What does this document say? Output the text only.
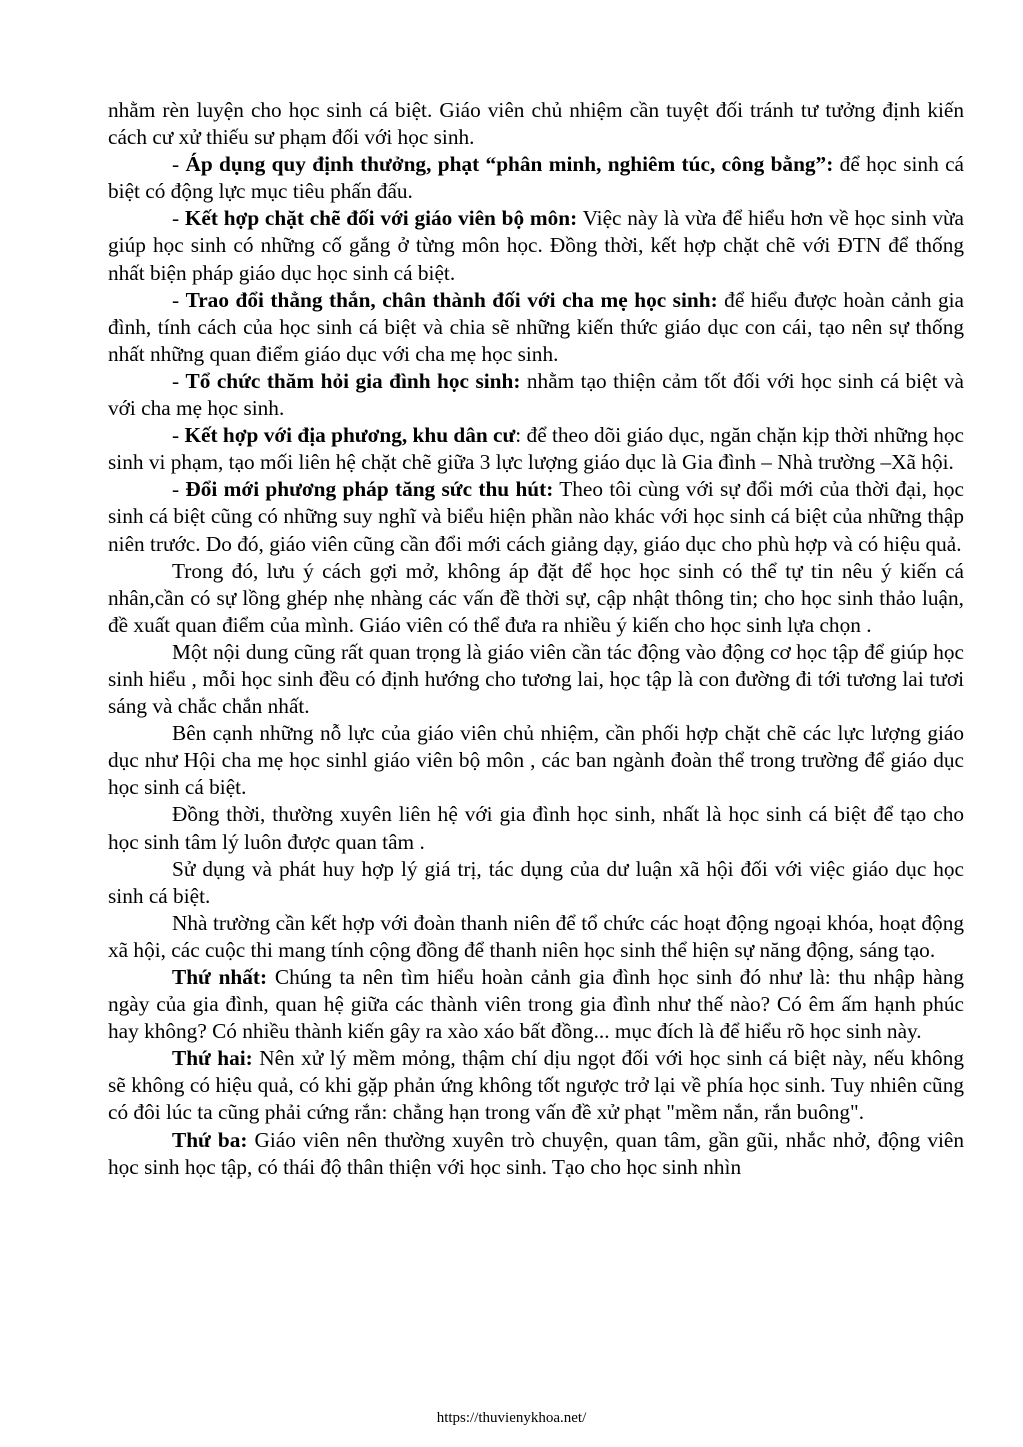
nhằm rèn luyện cho học sinh cá biệt. Giáo viên chủ nhiệm cần tuyệt đối tránh tư tưởng định kiến cách cư xử thiếu sư phạm đối với học sinh.

- Áp dụng quy định thưởng, phạt “phân minh, nghiêm túc, công bằng”: để học sinh cá biệt có động lực mục tiêu phấn đấu.

- Kết hợp chặt chẽ đối với giáo viên bộ môn: Việc này là vừa để hiểu hơn về học sinh vừa giúp học sinh có những cố gắng ở từng môn học. Đồng thời, kết hợp chặt chẽ với ĐTN để thống nhất biện pháp giáo dục học sinh cá biệt.

- Trao đổi thẳng thắn, chân thành đối với cha mẹ học sinh: để hiểu được hoàn cảnh gia đình, tính cách của học sinh cá biệt và chia sẽ những kiến thức giáo dục con cái, tạo nên sự thống nhất những quan điểm giáo dục với cha mẹ học sinh.

- Tổ chức thăm hỏi gia đình học sinh: nhằm tạo thiện cảm tốt đối với học sinh cá biệt và với cha mẹ học sinh.

- Kết hợp với địa phương, khu dân cư: để theo dõi giáo dục, ngăn chặn kịp thời những học sinh vi phạm, tạo mối liên hệ chặt chẽ giữa 3 lực lượng giáo dục là Gia đình – Nhà trường –Xã hội.

- Đổi mới phương pháp tăng sức thu hút: Theo tôi cùng với sự đổi mới của thời đại, học sinh cá biệt cũng có những suy nghĩ và biểu hiện phần nào khác với học sinh cá biệt của những thập niên trước. Do đó, giáo viên cũng cần đổi mới cách giảng dạy, giáo dục cho phù hợp và có hiệu quả.

Trong đó, lưu ý cách gợi mở, không áp đặt để học học sinh có thể tự tin nêu ý kiến cá nhân,cần có sự lồng ghép nhẹ nhàng các vấn đề thời sự, cập nhật thông tin; cho học sinh thảo luận, đề xuất quan điểm của mình. Giáo viên có thể đưa ra nhiều ý kiến cho học sinh lựa chọn .

Một nội dung cũng rất quan trọng là giáo viên cần tác động vào động cơ học tập để giúp học sinh hiểu , mỗi học sinh đều có định hướng cho tương lai, học tập là con đường đi tới tương lai tươi sáng và chắc chắn nhất.

Bên cạnh những nỗ lực của giáo viên chủ nhiệm, cần phối hợp chặt chẽ các lực lượng giáo dục như Hội cha mẹ học sinhl giáo viên bộ môn , các ban ngành đoàn thể trong trường để giáo dục học sinh cá biệt.

Đồng thời, thường xuyên liên hệ với gia đình học sinh, nhất là học sinh cá biệt để tạo cho học sinh tâm lý luôn được quan tâm .

Sử dụng và phát huy hợp lý giá trị, tác dụng của dư luận xã hội đối với việc giáo dục học sinh cá biệt.

Nhà trường cần kết hợp với đoàn thanh niên để tổ chức các hoạt động ngoại khóa, hoạt động xã hội, các cuộc thi mang tính cộng đồng để thanh niên học sinh thể hiện sự năng động, sáng tạo.

Thứ nhất: Chúng ta nên tìm hiểu hoàn cảnh gia đình học sinh đó như là: thu nhập hàng ngày của gia đình, quan hệ giữa các thành viên trong gia đình như thế nào? Có êm ấm hạnh phúc hay không? Có nhiều thành kiến gây ra xào xáo bất đồng... mục đích là để hiểu rõ học sinh này.

Thứ hai: Nên xử lý mềm mỏng, thậm chí dịu ngọt đối với học sinh cá biệt này, nếu không sẽ không có hiệu quả, có khi gặp phản ứng không tốt ngược trở lại về phía học sinh. Tuy nhiên cũng có đôi lúc ta cũng phải cứng rắn: chẳng hạn trong vấn đề xử phạt "mềm nắn, rắn buông".

Thứ ba: Giáo viên nên thường xuyên trò chuyện, quan tâm, gần gũi, nhắc nhở, động viên học sinh học tập, có thái độ thân thiện với học sinh. Tạo cho học sinh nhìn

https://thuvienykhoa.net/
